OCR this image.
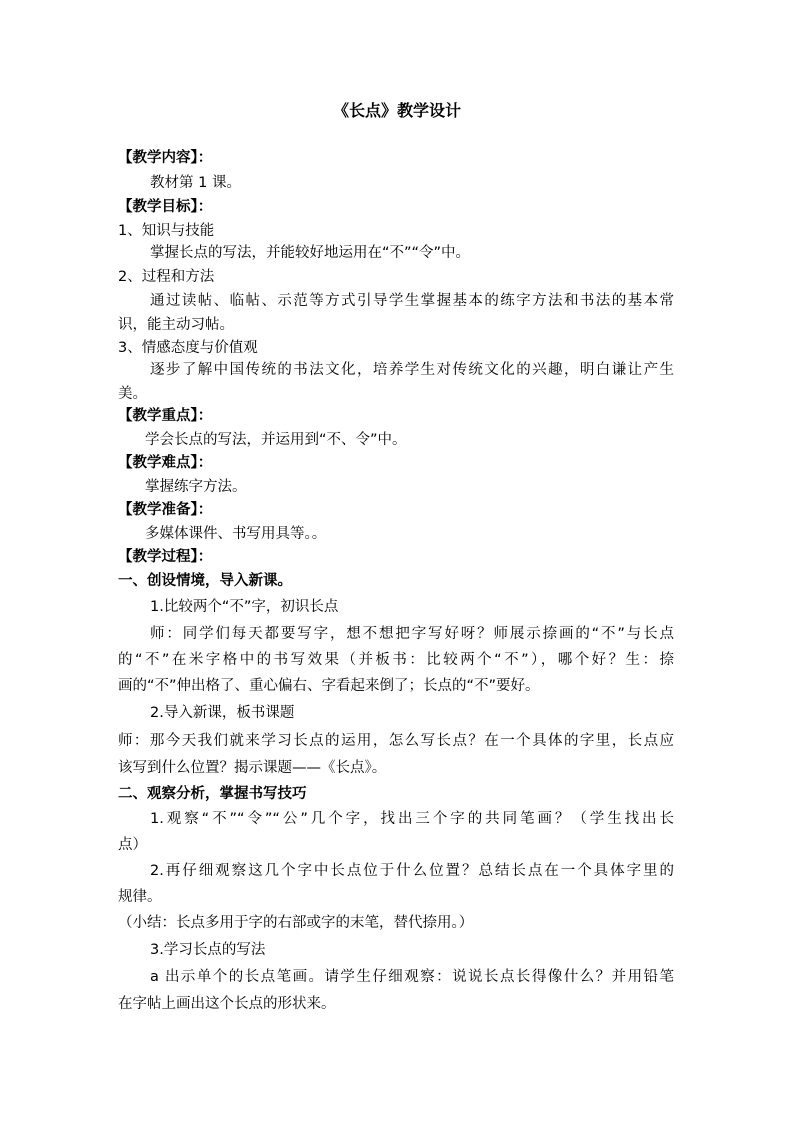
《长点》教学设计
【教学内容】：
教材第 1 课。
【教学目标】：
1、知识与技能
掌握长点的写法，并能较好地运用在“不”“令”中。
2、过程和方法
通过读帖、临帖、示范等方式引导学生掌握基本的练字方法和书法的基本常
识，能主动习帖。
3、情感态度与价值观
逐步了解中国传统的书法文化，培养学生对传统文化的兴趣，明白谦让产生
美。
【教学重点】：
学会长点的写法，并运用到“不、令”中。
【教学难点】：
掌握练字方法。
【教学准备】：
多媒体课件、书写用具等。。
【教学过程】：
一、创设情境，导入新课。
1.比较两个“不”字，初识长点
师：同学们每天都要写字，想不想把字写好呀？师展示捺画的“不”与长点
的“不”在米字格中的书写效果（并板书：比较两个“不”），哪个好？生：捺
画的“不”伸出格了、重心偏右、字看起来倒了；长点的“不”要好。
2.导入新课，板书课题
师：那今天我们就来学习长点的运用，怎么写长点？在一个具体的字里，长点应
该写到什么位置？揭示课题——《长点》。
二、观察分析，掌握书写技巧
1.观察“不”“令”“公”几个字，找出三个字的共同笔画？（学生找出长
点）
2.再仔细观察这几个字中长点位于什么位置？总结长点在一个具体字里的
规律。
（小结：长点多用于字的右部或字的末笔，替代捺用。）
3.学习长点的写法
a 出示单个的长点笔画。请学生仔细观察：说说长点长得像什么？并用铅笔
在字帖上画出这个长点的形状来。
